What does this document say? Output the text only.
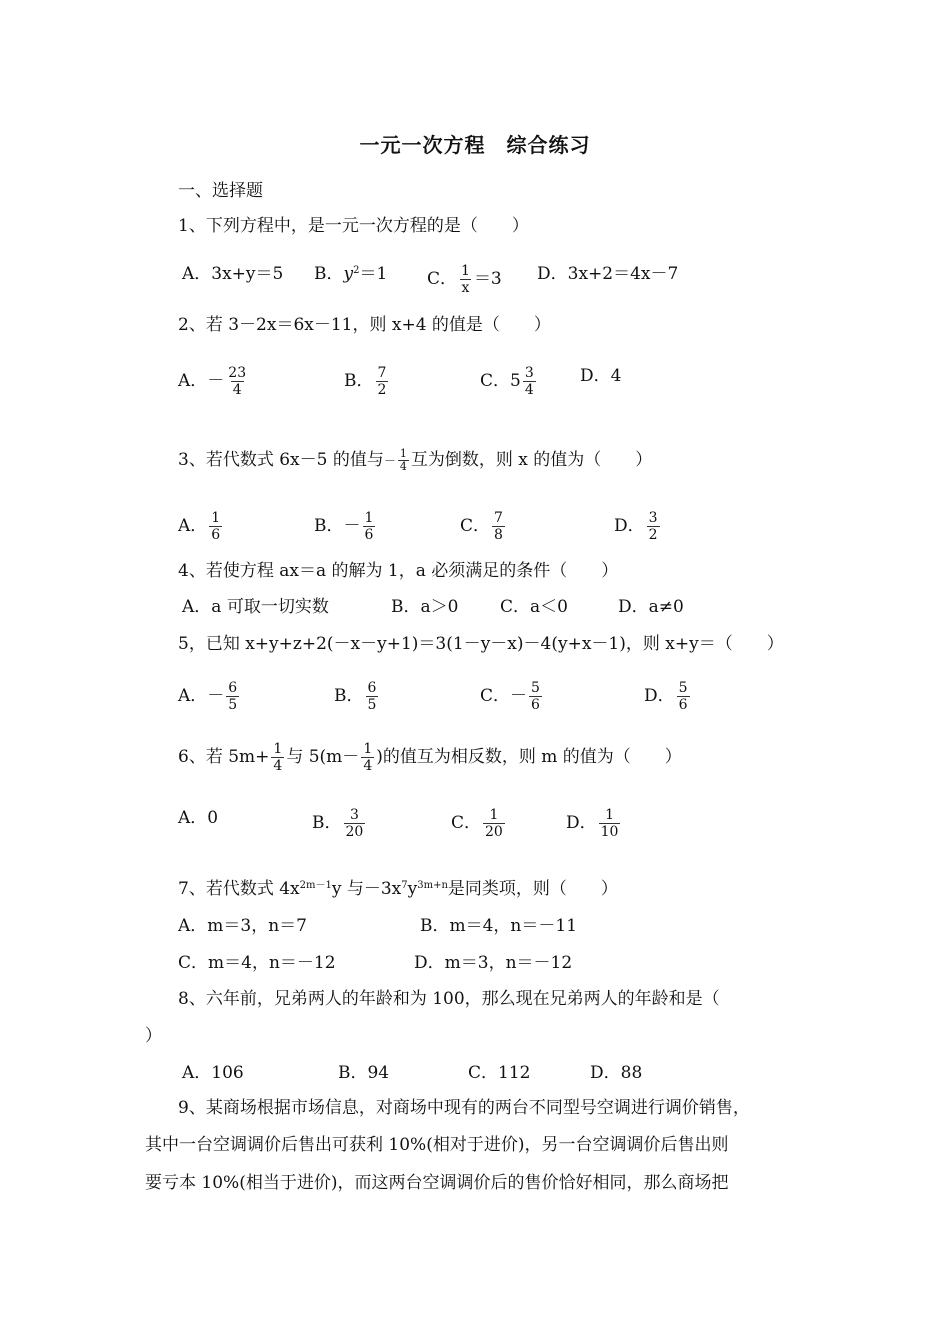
一元一次方程　综合练习
一、选择题
1、下列方程中，是一元一次方程的是（　　）
A．3x+y＝5 B．$y^2=1$ C． $\frac{1}{x} =3$ D．3x+2＝4x－7
2、若 3－2x＝6x－11，则 x+4 的值是（　　）
A．－ $\frac{23}{4}$	B． $\frac{7}{2}$	C．$5 \frac{3}{4}$	D．4
3、若代数式 6x－5 的值与－ $\frac{1}{4}$ 互为倒数，则 x 的值为（　　）
A． $\frac{1}{6}$	B．－ $\frac{1}{6}$	C． $\frac{7}{8}$	D． $\frac{3}{2}$
4、若使方程 ax＝a 的解为 1，a 必须满足的条件（　　）
A．a 可取一切实数	B．a＞0 C．a＜0	D．a≠0
5，已知 x+y+z+2(－x－y+1)＝3(1－y－x)－4(y+x－1)，则 x+y＝（　　）
A．－ $\frac{6}{5}$	B． $\frac{6}{5}$	C．－ $\frac{5}{6}$	D． $\frac{5}{6}$
6、若 $5m+ \frac{1}{4}$ 与 $5(m- \frac{1}{4}$ )的值互为相反数，则 m 的值为（　　）
A．0	B． $\frac{3}{20}$	C． $\frac{1}{20}$	D． $\frac{1}{10}$
7、若代数式 $4x^{2m-1}y$ 与$-3x^7y^{3m+n}$是同类项，则（　　）
A．m＝3，n＝7	B．m＝4，n＝－11
C．m＝4，n＝－12	D．m＝3，n＝－12
8、六年前，兄弟两人的年龄和为 100，那么现在兄弟两人的年龄和是（
）
A．106	B．94	C．112	D．88
9、某商场根据市场信息，对商场中现有的两台不同型号空调进行调价销售，
其中一台空调调价后售出可获利 10%(相对于进价)，另一台空调调价后售出则
要亏本 10%(相当于进价)，而这两台空调调价后的售价恰好相同，那么商场把
